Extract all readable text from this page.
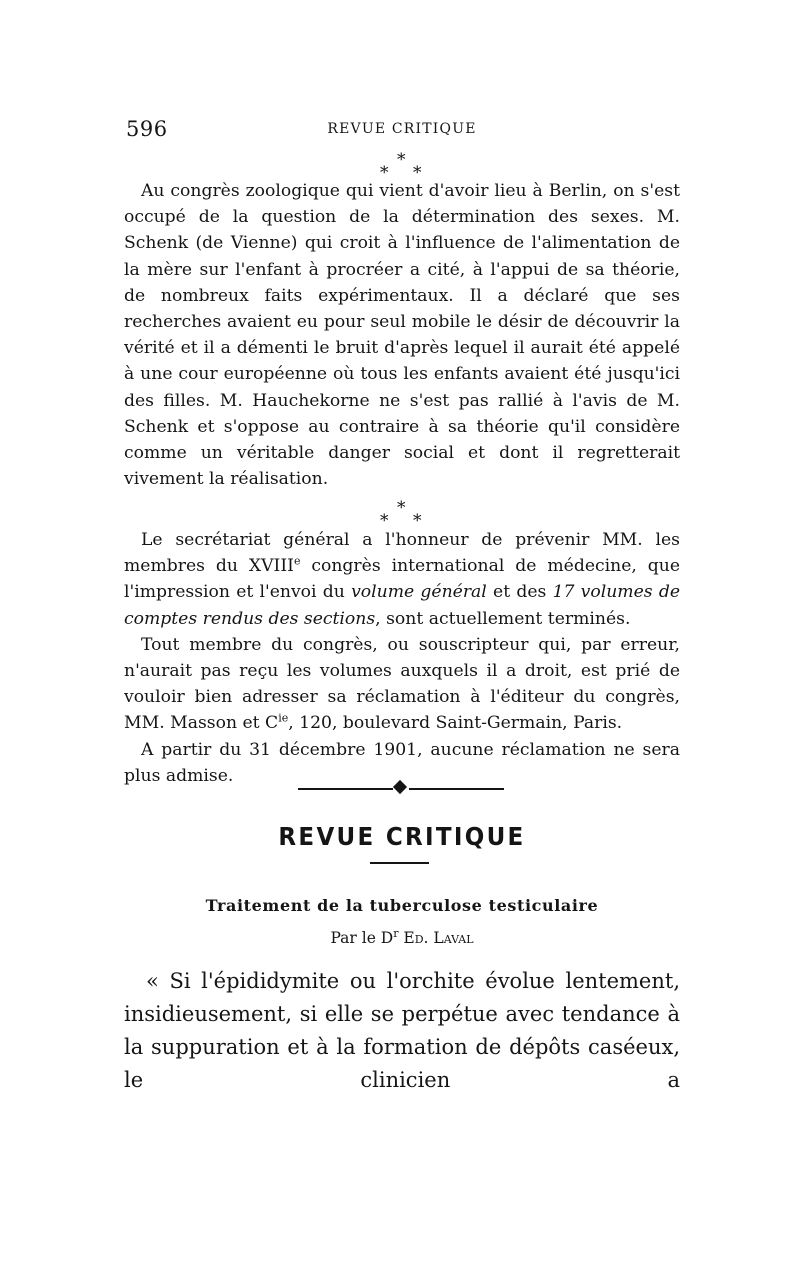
596	REVUE CRITIQUE
*
* *

Au congrès zoologique qui vient d'avoir lieu à Berlin, on s'est occupé de la question de la détermination des sexes. M. Schenk (de Vienne) qui croit à l'influence de l'alimentation de la mère sur l'enfant à procréer a cité, à l'appui de sa théorie, de nombreux faits expérimentaux. Il a déclaré que ses recherches avaient eu pour seul mobile le désir de découvrir la vérité et il a démenti le bruit d'après lequel il aurait été appelé à une cour européenne où tous les enfants avaient été jusqu'ici des filles. M. Hauchekorne ne s'est pas rallié à l'avis de M. Schenk et s'oppose au contraire à sa théorie qu'il considère comme un véritable danger social et dont il regretterait vivement la réalisation.

*
* *

Le secrétariat général a l'honneur de prévenir MM. les membres du XVIIIe congrès international de médecine, que l'impression et l'envoi du volume général et des 17 volumes de comptes rendus des sections, sont actuellement terminés.

Tout membre du congrès, ou souscripteur qui, par erreur, n'aurait pas reçu les volumes auxquels il a droit, est prié de vouloir bien adresser sa réclamation à l'éditeur du congrès, MM. Masson et $C^{ie}$, 120, boulevard Saint-Germain, Paris.

A partir du 31 décembre 1901, aucune réclamation ne sera plus admise.

REVUE CRITIQUE
Traitement de la tuberculose testiculaire
Par le $D^r$ Ed. Laval

« Si l'épididymite ou l'orchite évolue lentement, insidieusement, si elle se perpétue avec tendance à la suppuration et à la formation de dépôts caséeux, le clinicien a
